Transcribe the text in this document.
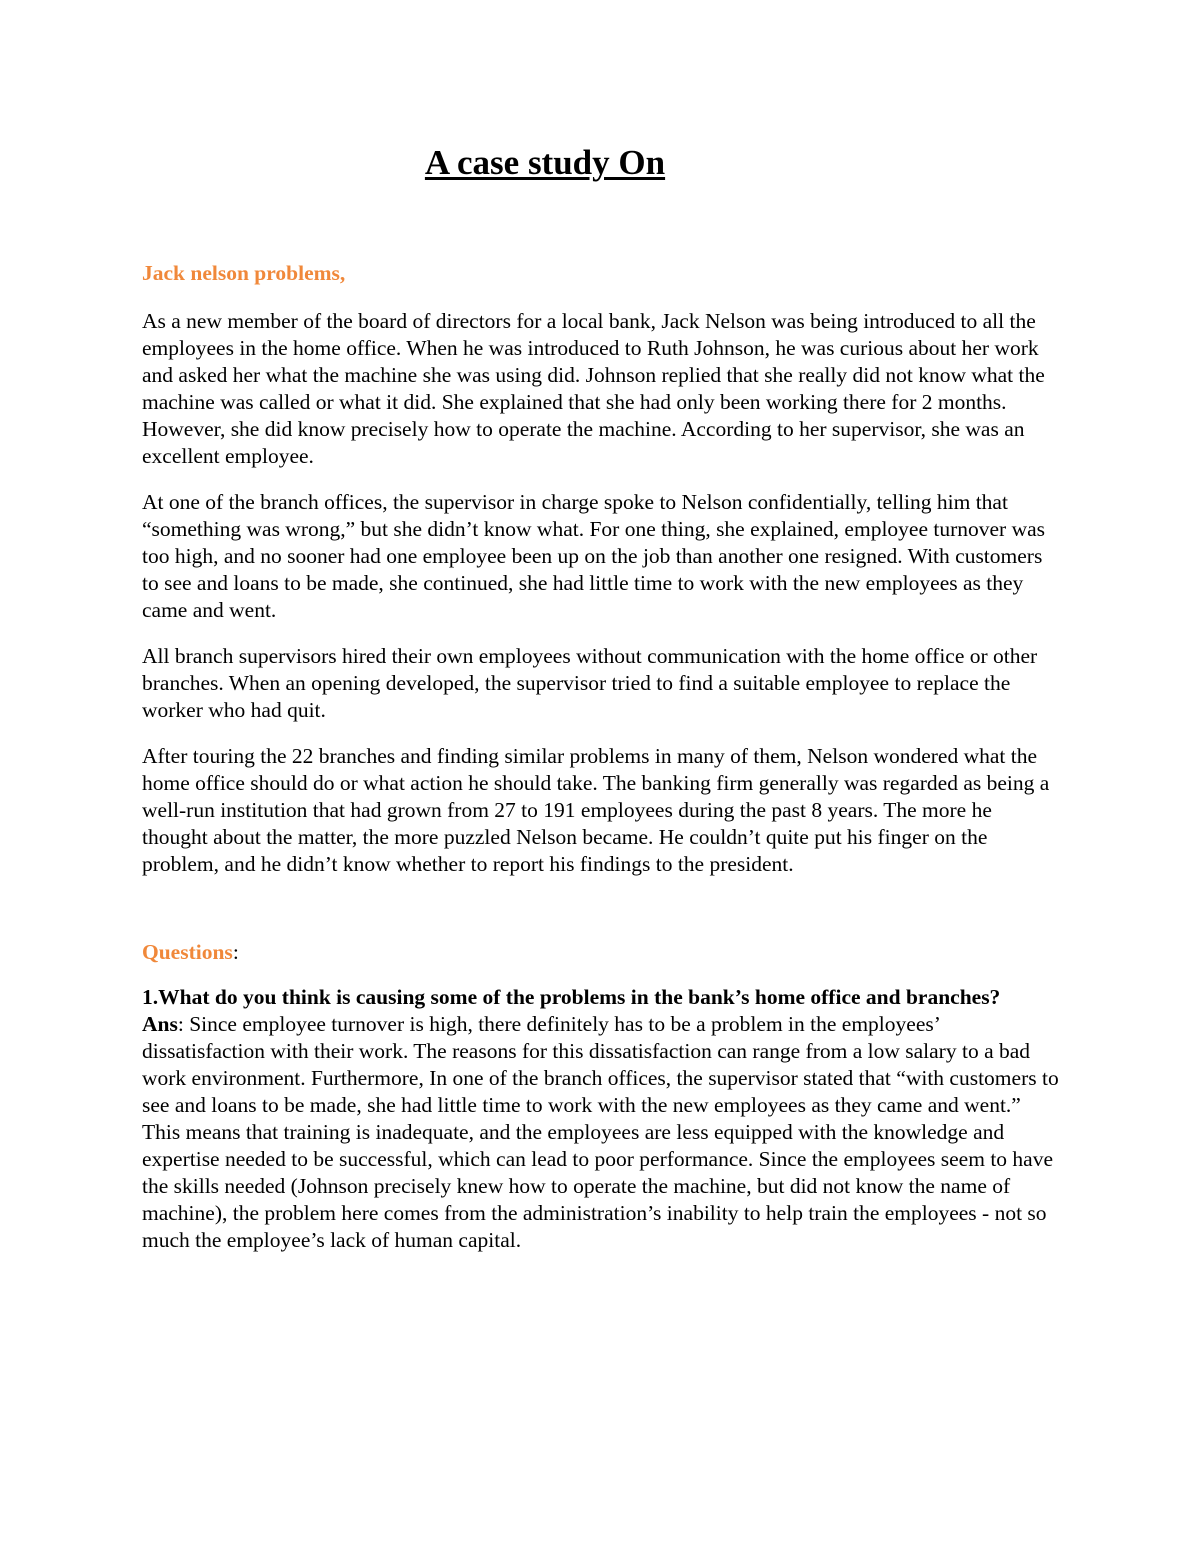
A case study On

Jack nelson problems,

As a new member of the board of directors for a local bank, Jack Nelson was being introduced to all the employees in the home office. When he was introduced to Ruth Johnson, he was curious about her work and asked her what the machine she was using did. Johnson replied that she really did not know what the machine was called or what it did. She explained that she had only been working there for 2 months. However, she did know precisely how to operate the machine. According to her supervisor, she was an excellent employee.

At one of the branch offices, the supervisor in charge spoke to Nelson confidentially, telling him that “something was wrong,” but she didn’t know what. For one thing, she explained, employee turnover was too high, and no sooner had one employee been up on the job than another one resigned. With customers to see and loans to be made, she continued, she had little time to work with the new employees as they came and went.

All branch supervisors hired their own employees without communication with the home office or other branches. When an opening developed, the supervisor tried to find a suitable employee to replace the worker who had quit.

After touring the 22 branches and finding similar problems in many of them, Nelson wondered what the home office should do or what action he should take. The banking firm generally was regarded as being a well-run institution that had grown from 27 to 191 employees during the past 8 years. The more he thought about the matter, the more puzzled Nelson became. He couldn’t quite put his finger on the problem, and he didn’t know whether to report his findings to the president.

Questions:

1.What do you think is causing some of the problems in the bank’s home office and branches?

Ans: Since employee turnover is high, there definitely has to be a problem in the employees’ dissatisfaction with their work. The reasons for this dissatisfaction can range from a low salary to a bad work environment. Furthermore, In one of the branch offices, the supervisor stated that “with customers to see and loans to be made, she had little time to work with the new employees as they came and went.” This means that training is inadequate, and the employees are less equipped with the knowledge and expertise needed to be successful, which can lead to poor performance. Since the employees seem to have the skills needed (Johnson precisely knew how to operate the machine, but did not know the name of machine), the problem here comes from the administration’s inability to help train the employees - not so much the employee’s lack of human capital.
